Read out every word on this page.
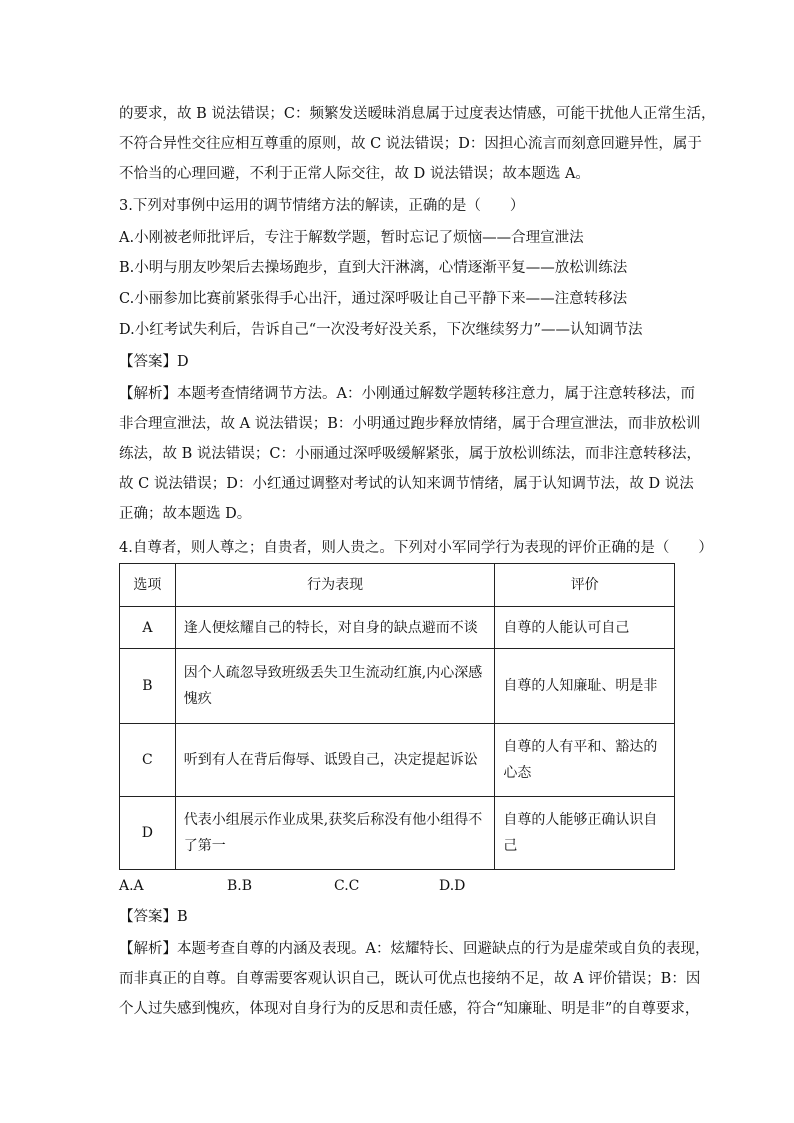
的要求，故 B 说法错误；C：频繁发送暧昧消息属于过度表达情感，可能干扰他人正常生活，
不符合异性交往应相互尊重的原则，故 C 说法错误；D：因担心流言而刻意回避异性，属于
不恰当的心理回避，不利于正常人际交往，故 D 说法错误；故本题选 A。
3.下列对事例中运用的调节情绪方法的解读，正确的是（　　）
A.小刚被老师批评后，专注于解数学题，暂时忘记了烦恼——合理宣泄法
B.小明与朋友吵架后去操场跑步，直到大汗淋漓，心情逐渐平复——放松训练法
C.小丽参加比赛前紧张得手心出汗，通过深呼吸让自己平静下来——注意转移法
D.小红考试失利后，告诉自己“一次没考好没关系，下次继续努力”——认知调节法
【答案】D
【解析】本题考查情绪调节方法。A：小刚通过解数学题转移注意力，属于注意转移法，而
非合理宣泄法，故 A 说法错误；B：小明通过跑步释放情绪，属于合理宣泄法，而非放松训
练法，故 B 说法错误；C：小丽通过深呼吸缓解紧张，属于放松训练法，而非注意转移法，
故 C 说法错误；D：小红通过调整对考试的认知来调节情绪，属于认知调节法，故 D 说法
正确；故本题选 D。
4.自尊者，则人尊之；自贵者，则人贵之。下列对小军同学行为表现的评价正确的是（　　）
选项	行为表现	评价
A	逢人便炫耀自己的特长，对自身的缺点避而不谈	自尊的人能认可自己
B	因个人疏忽导致班级丢失卫生流动红旗,内心深感愧疚	自尊的人知廉耻、明是非
C	听到有人在背后侮辱、诋毁自己，决定提起诉讼	自尊的人有平和、豁达的心态
D	代表小组展示作业成果,获奖后称没有他小组得不了第一	自尊的人能够正确认识自己
A.A	B.B	C.C	D.D
【答案】B
【解析】本题考查自尊的内涵及表现。A：炫耀特长、回避缺点的行为是虚荣或自负的表现，
而非真正的自尊。自尊需要客观认识自己，既认可优点也接纳不足，故 A 评价错误；B：因
个人过失感到愧疚，体现对自身行为的反思和责任感，符合“知廉耻、明是非”的自尊要求，
